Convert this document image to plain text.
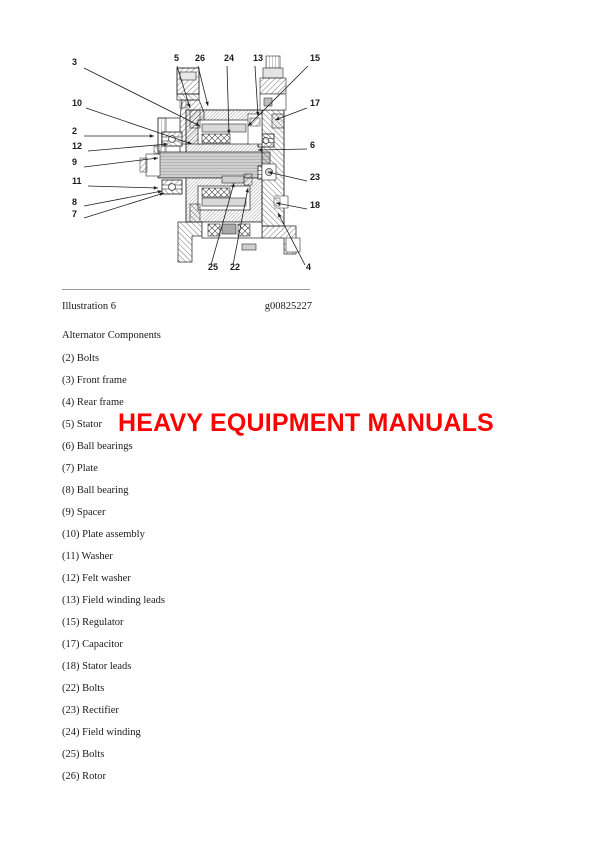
3
10
2
12
9
11
8
7
5 26 24 13	15
17
6
23
18
25 22	4
g00825227
Illustration 6
Alternator Components
(2) Bolts
(3) Front frame
(4) Rear frame
(5) Stator
(6) Ball bearings
(7) Plate
(8) Ball bearing
(9) Spacer
(10) Plate assembly
(11) Washer
(12) Felt washer
(13) Field winding leads
(15) Regulator
(17) Capacitor
(18) Stator leads
(22) Bolts
(23) Rectifier
(24) Field winding
(25) Bolts
(26) Rotor
HEAVY EQUIPMENT MANUALS
